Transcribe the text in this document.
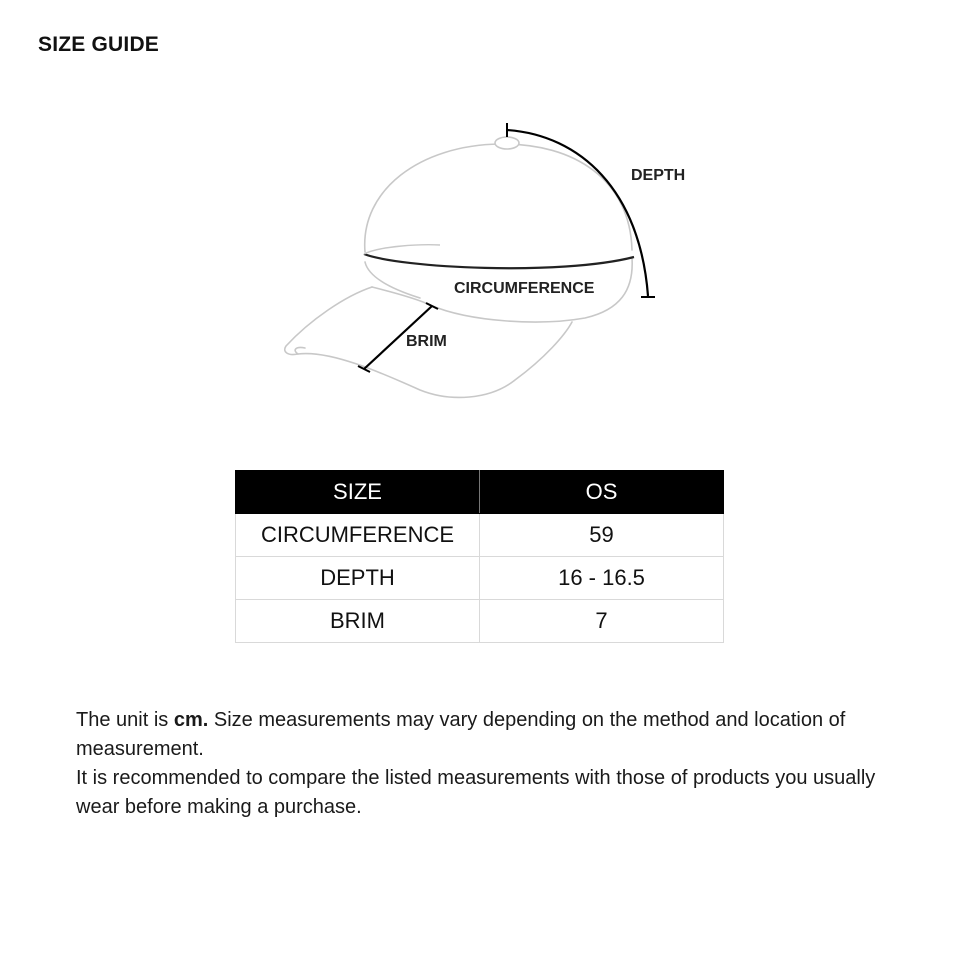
SIZE GUIDE
DEPTH
CIRCUMFERENCE
BRIM
SIZE	OS
CIRCUMFERENCE	59
DEPTH	16 - 16.5
BRIM	7

The unit is cm. Size measurements may vary depending on the method and location of measurement.

It is recommended to compare the listed measurements with those of products you usually wear before making a purchase.
